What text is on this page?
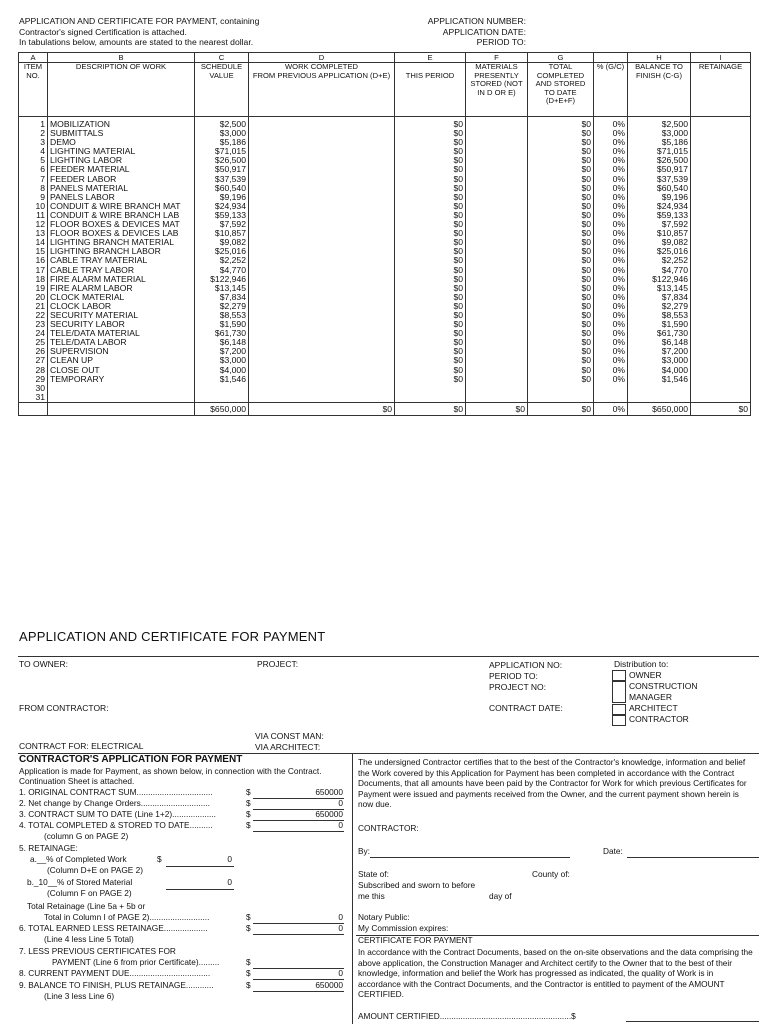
APPLICATION AND CERTIFICATE FOR PAYMENT, containing
Contractor's signed Certification is attached.
In tabulations below, amounts are stated to the nearest dollar.
APPLICATION NUMBER:
APPLICATION DATE:
PERIOD TO:
A	B	C	D	E	F	G		H	I
ITEM NO.	DESCRIPTION OF WORK	SCHEDULE VALUE	WORK COMPLETED
FROM PREVIOUS APPLICATION (D+E)	THIS PERIOD	MATERIALS PRESENTLY STORED (NOT IN D OR E)	TOTAL COMPLETED AND STORED TO DATE (D+E+F)	% (G/C)	BALANCE TO FINISH (C-G)	RETAINAGE
1	MOBILIZATION	$2,500		$0		$0	0%	$2,500	
2	SUBMITTALS	$3,000		$0		$0	0%	$3,000	
3	DEMO	$5,186		$0		$0	0%	$5,186	
4	LIGHTING MATERIAL	$71,015		$0		$0	0%	$71,015	
5	LIGHTING LABOR	$26,500		$0		$0	0%	$26,500	
6	FEEDER MATERIAL	$50,917		$0		$0	0%	$50,917	
7	FEEDER LABOR	$37,539		$0		$0	0%	$37,539	
8	PANELS MATERIAL	$60,540		$0		$0	0%	$60,540	
9	PANELS LABOR	$9,196		$0		$0	0%	$9,196	
10	CONDUIT & WIRE BRANCH MAT	$24,934		$0		$0	0%	$24,934	
11	CONDUIT & WIRE BRANCH LAB	$59,133		$0		$0	0%	$59,133	
12	FLOOR BOXES & DEVICES MAT	$7,592		$0		$0	0%	$7,592	
13	FLOOR BOXES & DEVICES LAB	$10,857		$0		$0	0%	$10,857	
14	LIGHTING BRANCH MATERIAL	$9,082		$0		$0	0%	$9,082	
15	LIGHTING BRANCH LABOR	$25,016		$0		$0	0%	$25,016	
16	CABLE TRAY MATERIAL	$2,252		$0		$0	0%	$2,252	
17	CABLE TRAY LABOR	$4,770		$0		$0	0%	$4,770	
18	FIRE ALARM MATERIAL	$122,946		$0		$0	0%	$122,946	
19	FIRE ALARM LABOR	$13,145		$0		$0	0%	$13,145	
20	CLOCK MATERIAL	$7,834		$0		$0	0%	$7,834	
21	CLOCK LABOR	$2,279		$0		$0	0%	$2,279	
22	SECURITY MATERIAL	$8,553		$0		$0	0%	$8,553	
23	SECURITY LABOR	$1,590		$0		$0	0%	$1,590	
24	TELE/DATA MATERIAL	$61,730		$0		$0	0%	$61,730	
25	TELE/DATA LABOR	$6,148		$0		$0	0%	$6,148	
26	SUPERVISION	$7,200		$0		$0	0%	$7,200	
27	CLEAN UP	$3,000		$0		$0	0%	$3,000	
28	CLOSE OUT	$4,000		$0		$0	0%	$4,000	
29	TEMPORARY	$1,546		$0		$0	0%	$1,546	
30									
31									
		$650,000	$0	$0	$0	$0	0%	$650,000	$0
APPLICATION AND CERTIFICATE FOR PAYMENT
TO OWNER:	PROJECT:	APPLICATION NO:
PERIOD TO:
PROJECT NO:
Distribution to:
OWNER
CONSTRUCTION MANAGER
ARCHITECT
CONTRACTOR
FROM CONTRACTOR:	CONTRACT DATE:
VIA CONST MAN:
VIA ARCHITECT:
CONTRACT FOR: ELECTRICAL
CONTRACTOR'S APPLICATION FOR PAYMENT
Application is made for Payment, as shown below, in connection with the Contract.
Continuation Sheet is attached.
1. ORIGINAL CONTRACT SUM.................................	$	650000
2. Net change by Change Orders..............................	$	0
3. CONTRACT SUM TO DATE (Line 1+2)...................	$	650000
4. TOTAL COMPLETED & STORED TO DATE..........	$	0
(column G on PAGE 2)
5. RETAINAGE:
a.__% of Completed Work	$	0
(Column D+E on PAGE 2)
b._10__% of Stored Material	0
(Column F on PAGE 2)
Total Retainage (Line 5a + 5b or
Total in Column I of PAGE 2)..........................	$	0
6. TOTAL EARNED LESS RETAINAGE...................	$	0
(Line 4 less Line 5 Total)
7. LESS PREVIOUS CERTIFICATES FOR
PAYMENT (Line 6 from prior Certificate).........	$
8. CURRENT PAYMENT DUE...................................	$	0
9. BALANCE TO FINISH, PLUS RETAINAGE............	$	650000
(Line 3 less Line 6)
The undersigned Contractor certifies that to the best of the Contractor's knowledge, information and belief the Work covered by this Application for Payment has been completed in accordance with the Contract Documents, that all amounts have been paid by the Contractor for Work for which previous Certificates for Payment were issued and payments received from the Owner, and the current payment shown herein is now due.
CONTRACTOR:
By:	Date:
State of:	County of:
Subscribed and sworn to before
me this	day of
Notary Public:
My Commission expires:
CERTIFICATE FOR PAYMENT
In accordance with the Contract Documents, based on the on-site observations and the data comprising the above application, the Construction Manager and Architect certify to the Owner that to the best of their knowledge, information and belief the Work has progressed as indicated, the quality of Work is in accordance with the Contract Documents, and the Contractor is entitled to payment of the AMOUNT CERTIFIED.
AMOUNT CERTIFIED.........................................................$
